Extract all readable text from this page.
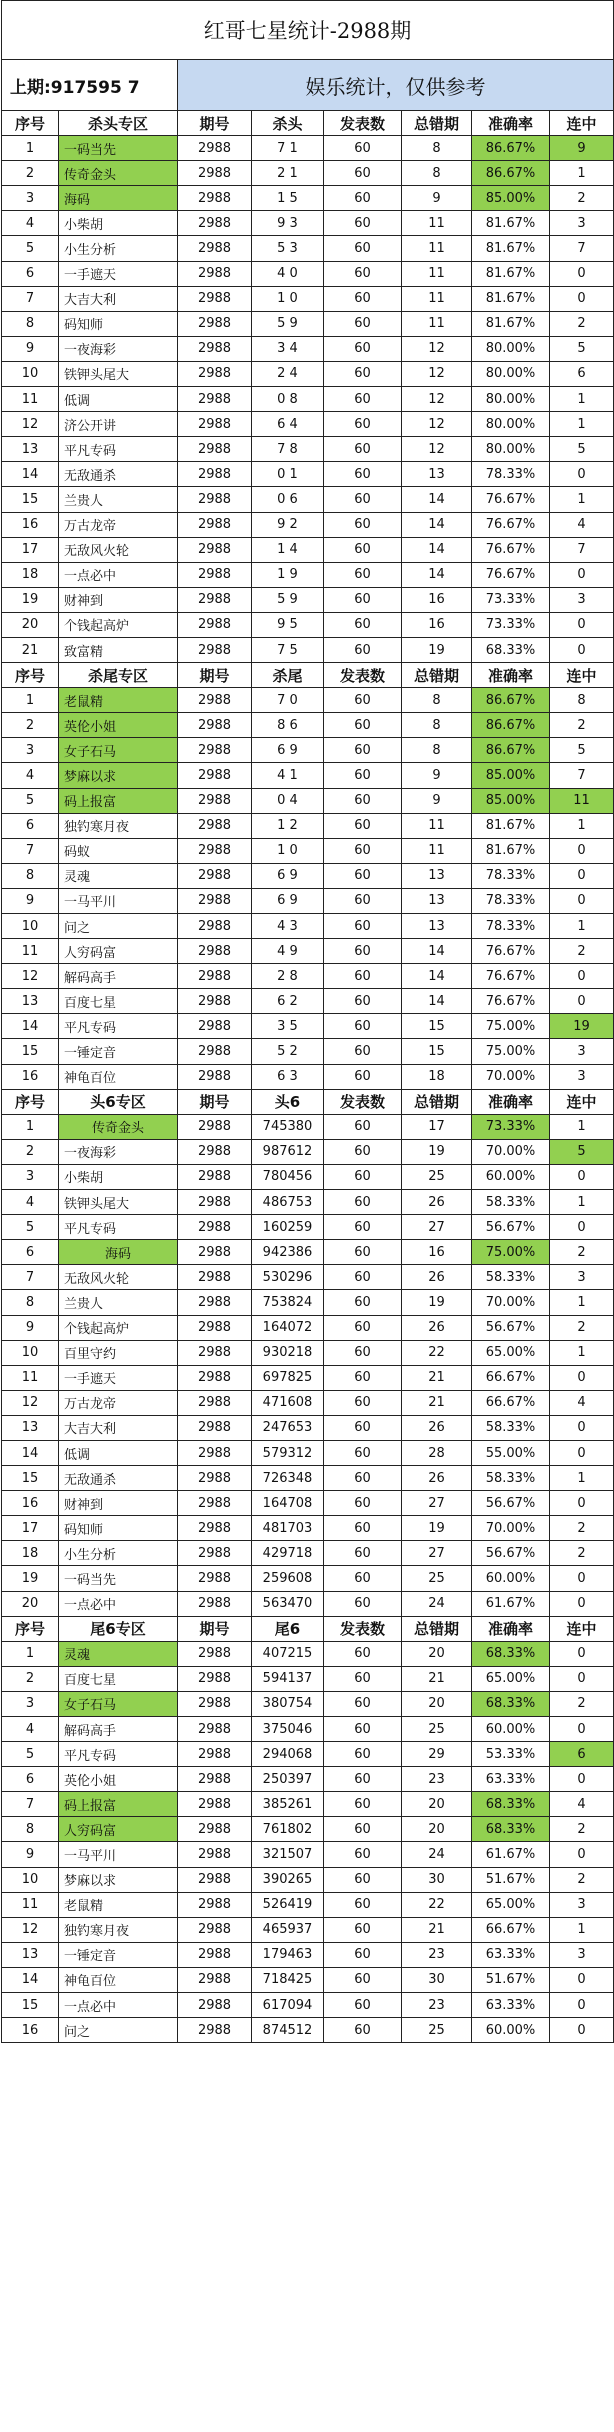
红哥七星统计-2988期							
上期:917595 7		娱乐统计，仅供参考					
序号	杀头专区	期号	杀头	发表数	总错期	准确率	连中
1	一码当先	2988	7 1	60	8	86.67%	9
2	传奇金头	2988	2 1	60	8	86.67%	1
3	海码	2988	1 5	60	9	85.00%	2
4	小柴胡	2988	9 3	60	11	81.67%	3
5	小生分析	2988	5 3	60	11	81.67%	7
6	一手遮天	2988	4 0	60	11	81.67%	0
7	大吉大利	2988	1 0	60	11	81.67%	0
8	码知师	2988	5 9	60	11	81.67%	2
9	一夜海彩	2988	3 4	60	12	80.00%	5
10	铁钾头尾大	2988	2 4	60	12	80.00%	6
11	低调	2988	0 8	60	12	80.00%	1
12	济公开讲	2988	6 4	60	12	80.00%	1
13	平凡专码	2988	7 8	60	12	80.00%	5
14	无敌通杀	2988	0 1	60	13	78.33%	0
15	兰贵人	2988	0 6	60	14	76.67%	1
16	万古龙帝	2988	9 2	60	14	76.67%	4
17	无敌风火轮	2988	1 4	60	14	76.67%	7
18	一点必中	2988	1 9	60	14	76.67%	0
19	财神到	2988	5 9	60	16	73.33%	3
20	个钱起高炉	2988	9 5	60	16	73.33%	0
21	致富精	2988	7 5	60	19	68.33%	0
序号	杀尾专区	期号	杀尾	发表数	总错期	准确率	连中
1	老鼠精	2988	7 0	60	8	86.67%	8
2	英伦小姐	2988	8 6	60	8	86.67%	2
3	女子石马	2988	6 9	60	8	86.67%	5
4	梦麻以求	2988	4 1	60	9	85.00%	7
5	码上报富	2988	0 4	60	9	85.00%	11
6	独钓寒月夜	2988	1 2	60	11	81.67%	1
7	码蚁	2988	1 0	60	11	81.67%	0
8	灵魂	2988	6 9	60	13	78.33%	0
9	一马平川	2988	6 9	60	13	78.33%	0
10	问之	2988	4 3	60	13	78.33%	1
11	人穷码富	2988	4 9	60	14	76.67%	2
12	解码高手	2988	2 8	60	14	76.67%	0
13	百度七星	2988	6 2	60	14	76.67%	0
14	平凡专码	2988	3 5	60	15	75.00%	19
15	一锤定音	2988	5 2	60	15	75.00%	3
16	神龟百位	2988	6 3	60	18	70.00%	3
序号	头6专区	期号	头6	发表数	总错期	准确率	连中
1	传奇金头	2988	745380	60	17	73.33%	1
2	一夜海彩	2988	987612	60	19	70.00%	5
3	小柴胡	2988	780456	60	25	60.00%	0
4	铁钾头尾大	2988	486753	60	26	58.33%	1
5	平凡专码	2988	160259	60	27	56.67%	0
6	海码	2988	942386	60	16	75.00%	2
7	无敌风火轮	2988	530296	60	26	58.33%	3
8	兰贵人	2988	753824	60	19	70.00%	1
9	个钱起高炉	2988	164072	60	26	56.67%	2
10	百里守约	2988	930218	60	22	65.00%	1
11	一手遮天	2988	697825	60	21	66.67%	0
12	万古龙帝	2988	471608	60	21	66.67%	4
13	大吉大利	2988	247653	60	26	58.33%	0
14	低调	2988	579312	60	28	55.00%	0
15	无敌通杀	2988	726348	60	26	58.33%	1
16	财神到	2988	164708	60	27	56.67%	0
17	码知师	2988	481703	60	19	70.00%	2
18	小生分析	2988	429718	60	27	56.67%	2
19	一码当先	2988	259608	60	25	60.00%	0
20	一点必中	2988	563470	60	24	61.67%	0
序号	尾6专区	期号	尾6	发表数	总错期	准确率	连中
1	灵魂	2988	407215	60	20	68.33%	0
2	百度七星	2988	594137	60	21	65.00%	0
3	女子石马	2988	380754	60	20	68.33%	2
4	解码高手	2988	375046	60	25	60.00%	0
5	平凡专码	2988	294068	60	29	53.33%	6
6	英伦小姐	2988	250397	60	23	63.33%	0
7	码上报富	2988	385261	60	20	68.33%	4
8	人穷码富	2988	761802	60	20	68.33%	2
9	一马平川	2988	321507	60	24	61.67%	0
10	梦麻以求	2988	390265	60	30	51.67%	2
11	老鼠精	2988	526419	60	22	65.00%	3
12	独钓寒月夜	2988	465937	60	21	66.67%	1
13	一锤定音	2988	179463	60	23	63.33%	3
14	神龟百位	2988	718425	60	30	51.67%	0
15	一点必中	2988	617094	60	23	63.33%	0
16	问之	2988	874512	60	25	60.00%	0
